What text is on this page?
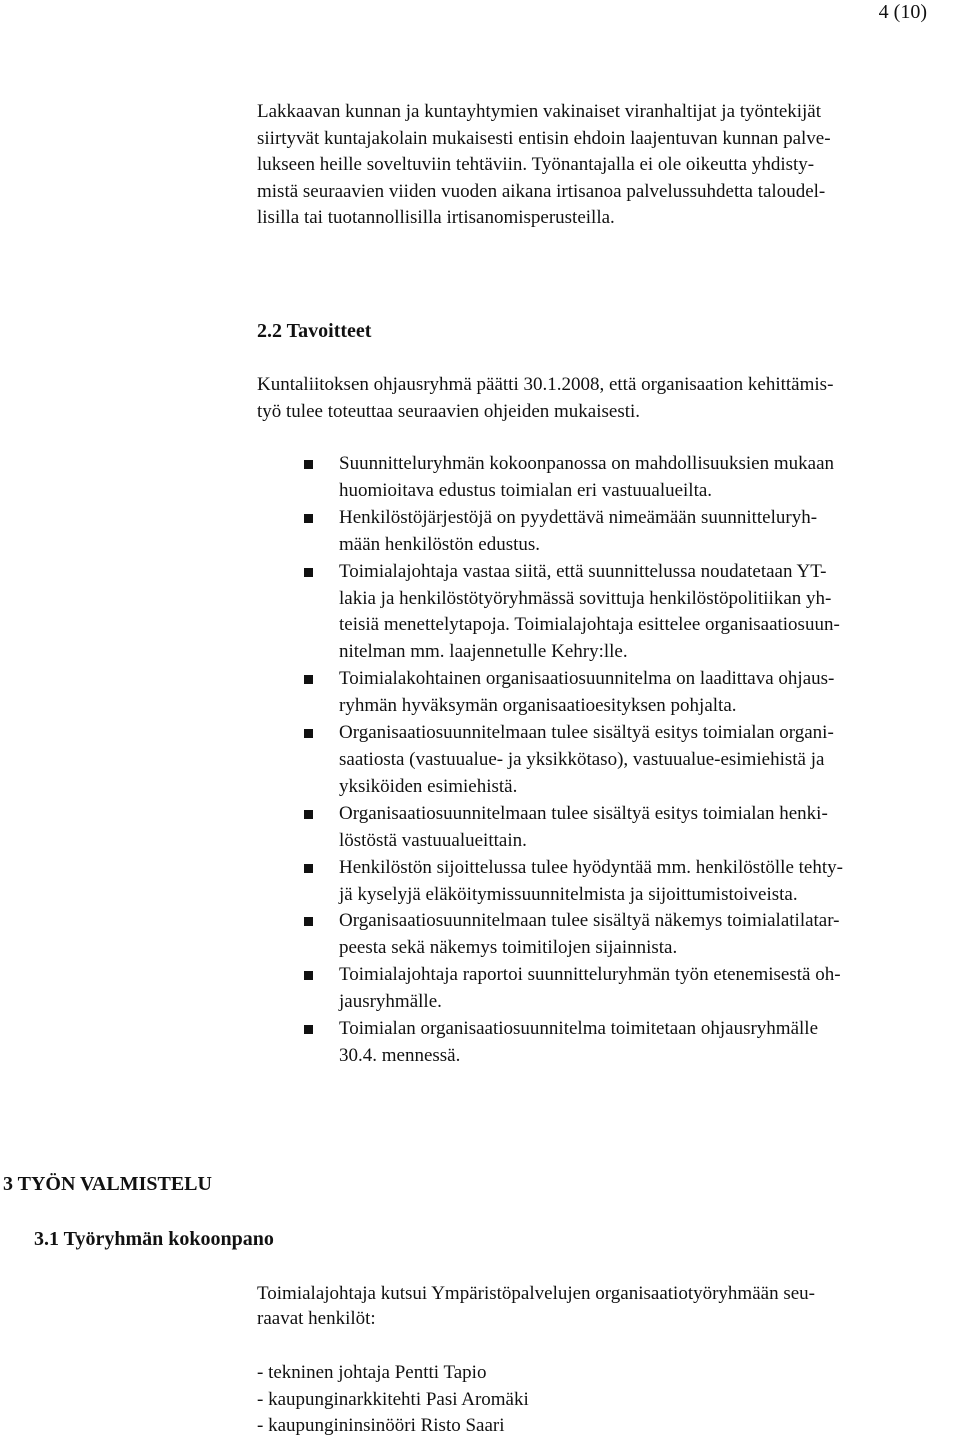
4 (10)

Lakkaavan kunnan ja kuntayhtymien vakinaiset viranhaltijat ja työntekijät
siirtyvät kuntajakolain mukaisesti entisin ehdoin laajentuvan kunnan palve-
lukseen heille soveltuviin tehtäviin. Työnantajalla ei ole oikeutta yhdisty-
mistä seuraavien viiden vuoden aikana irtisanoa palvelussuhdetta taloudel-
lisilla tai tuotannollisilla irtisanomisperusteilla.

2.2 Tavoitteet
Kuntaliitoksen ohjausryhmä päätti 30.1.2008, että organisaation kehittämis-
työ tulee toteuttaa seuraavien ohjeiden mukaisesti.
Suunnitteluryhmän kokoonpanossa on mahdollisuuksien mukaan
huomioitava edustus toimialan eri vastuualueilta.
Henkilöstöjärjestöjä on pyydettävä nimeämään suunnitteluryh-
mään henkilöstön edustus.
Toimialajohtaja vastaa siitä, että suunnittelussa noudatetaan YT-
lakia ja henkilöstötyöryhmässä sovittuja henkilöstöpolitiikan yh-
teisiä menettelytapoja. Toimialajohtaja esittelee organisaatiosuun-
nitelman mm. laajennetulle Kehry:lle.
Toimialakohtainen organisaatiosuunnitelma on laadittava ohjaus-
ryhmän hyväksymän organisaatioesityksen pohjalta.
Organisaatiosuunnitelmaan tulee sisältyä esitys toimialan organi-
saatiosta (vastuualue- ja yksikkötaso), vastuualue-esimiehistä ja
yksiköiden esimiehistä.
Organisaatiosuunnitelmaan tulee sisältyä esitys toimialan henki-
löstöstä vastuualueittain.
Henkilöstön sijoittelussa tulee hyödyntää mm. henkilöstölle tehty-
jä kyselyjä eläköitymissuunnitelmista ja sijoittumistoiveista.
Organisaatiosuunnitelmaan tulee sisältyä näkemys toimialatilatar-
peesta sekä näkemys toimitilojen sijainnista.
Toimialajohtaja raportoi suunnitteluryhmän työn etenemisestä oh-
jausryhmälle.
Toimialan organisaatiosuunnitelma toimitetaan ohjausryhmälle
30.4. mennessä.
3 TYÖN VALMISTELU
3.1 Työryhmän kokoonpano
Toimialajohtaja kutsui Ympäristöpalvelujen organisaatiotyöryhmään seu-
raavat henkilöt:
- tekninen johtaja Pentti Tapio
- kaupunginarkkitehti Pasi Aromäki
- kaupungininsinööri Risto Saari
